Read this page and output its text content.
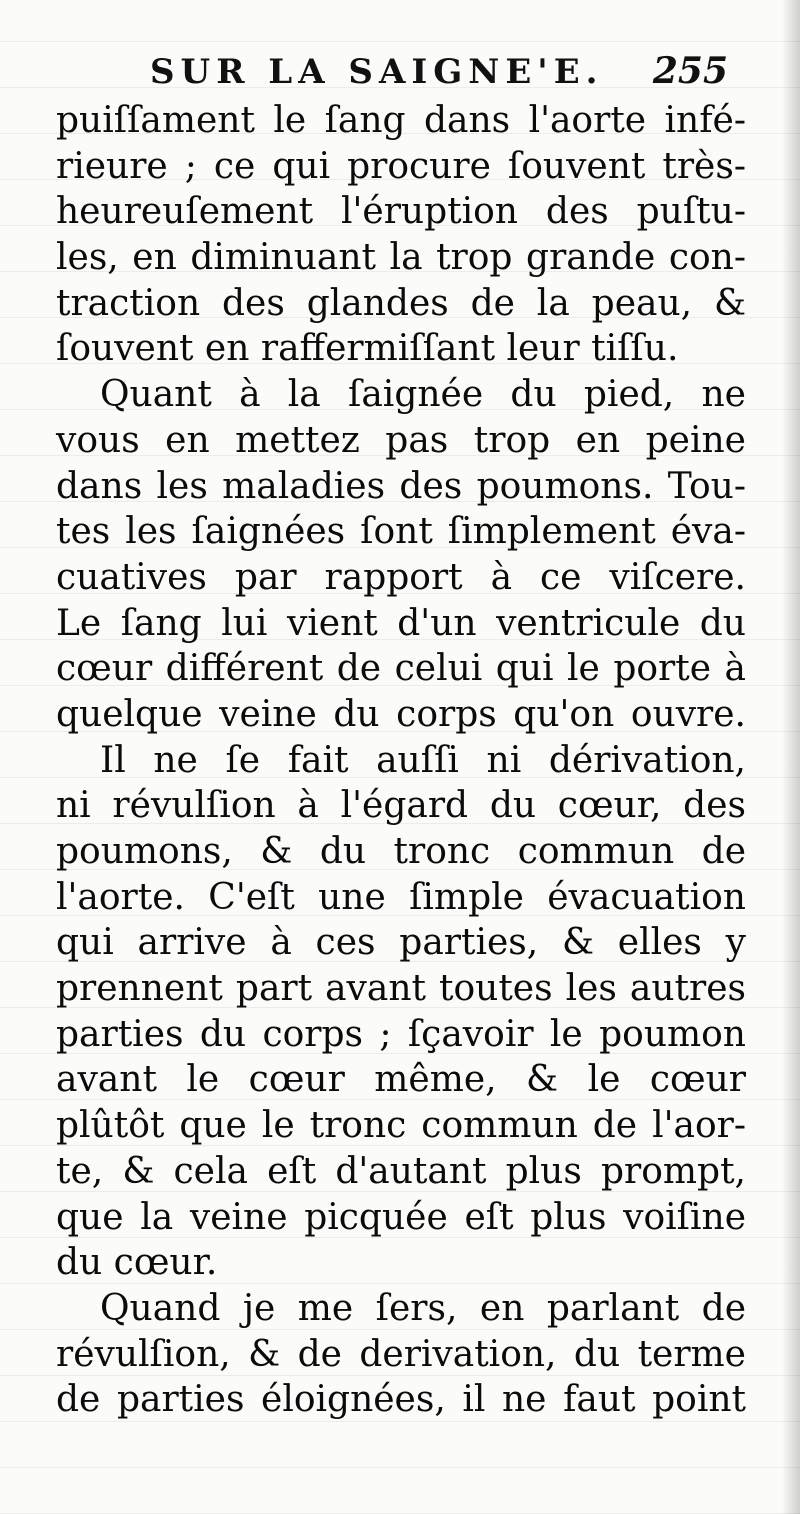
SUR LA SAIGNE'E. 255
puiſſament le ſang dans l'aorte infé-
rieure ; ce qui procure ſouvent très-
heureuſement l'éruption des puſtu-
les, en diminuant la trop grande con-
traction des glandes de la peau, &
ſouvent en raffermiſſant leur tiſſu.
Quant à la ſaignée du pied, ne
vous en mettez pas trop en peine
dans les maladies des poumons. Tou-
tes les ſaignées ſont ſimplement éva-
cuatives par rapport à ce viſcere.
Le ſang lui vient d'un ventricule du
cœur différent de celui qui le porte à
quelque veine du corps qu'on ouvre.
Il ne ſe fait auſſi ni dérivation,
ni révulſion à l'égard du cœur, des
poumons, & du tronc commun de
l'aorte. C'eſt une ſimple évacuation
qui arrive à ces parties, & elles y
prennent part avant toutes les autres
parties du corps ; ſçavoir le poumon
avant le cœur même, & le cœur
plûtôt que le tronc commun de l'aor-
te, & cela eſt d'autant plus prompt,
que la veine picquée eſt plus voiſine
du cœur.
Quand je me ſers, en parlant de
révulſion, & de derivation, du terme
de parties éloignées, il ne faut point
